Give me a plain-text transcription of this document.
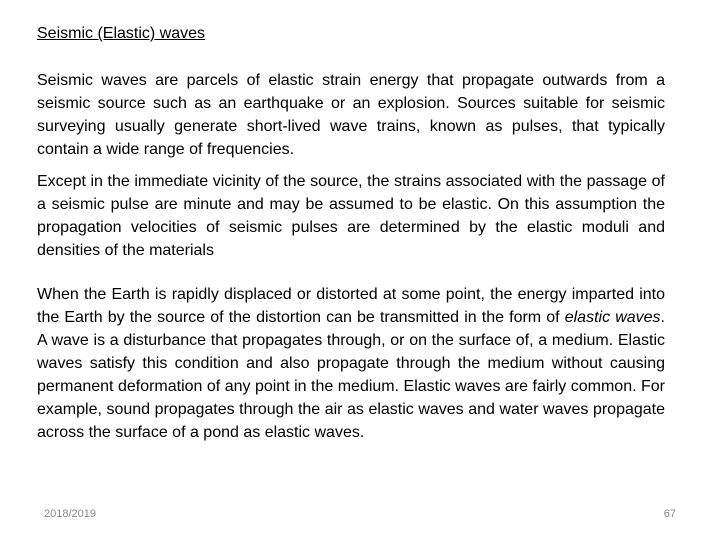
Seismic (Elastic) waves

Seismic waves are parcels of elastic strain energy that propagate outwards from a seismic source such as an earthquake or an explosion. Sources suitable for seismic surveying usually generate short-lived wave trains, known as pulses, that typically contain a wide range of frequencies.

Except in the immediate vicinity of the source, the strains associated with the passage of a seismic pulse are minute and may be assumed to be elastic. On this assumption the propagation velocities of seismic pulses are determined by the elastic moduli and densities of the materials

When the Earth is rapidly displaced or distorted at some point, the energy imparted into the Earth by the source of the distortion can be transmitted in the form of elastic waves. A wave is a disturbance that propagates through, or on the surface of, a medium. Elastic waves satisfy this condition and also propagate through the medium without causing permanent deformation of any point in the medium. Elastic waves are fairly common. For example, sound propagates through the air as elastic waves and water waves propagate across the surface of a pond as elastic waves.

2018/2019	67
